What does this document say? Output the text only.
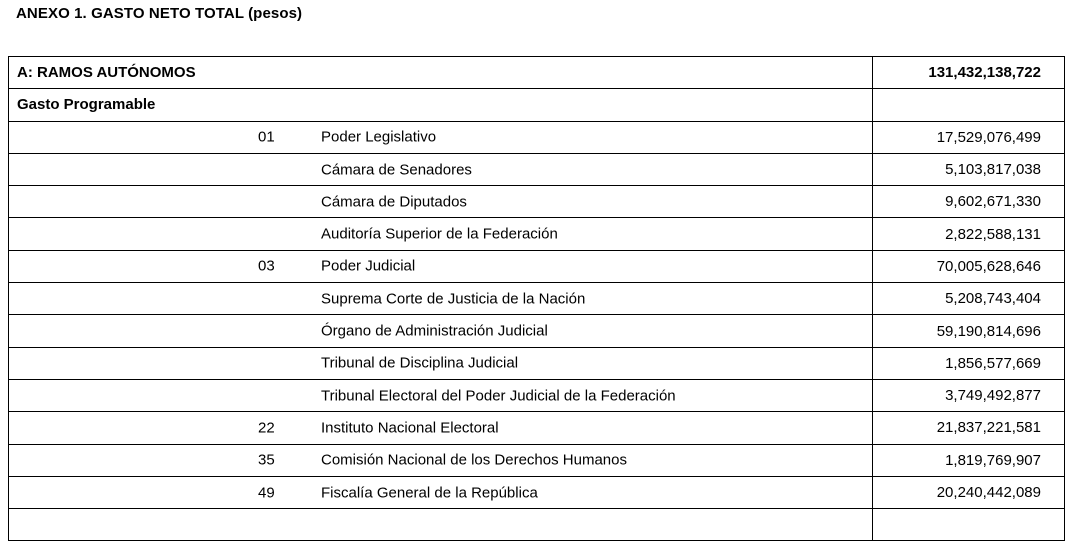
ANEXO 1. GASTO NETO TOTAL (pesos)
A: RAMOS AUTÓNOMOS	131,432,138,722
Gasto Programable	

01 Poder Legislativo	17,529,076,499

Cámara de Senadores	5,103,817,038

Cámara de Diputados	9,602,671,330

Auditoría Superior de la Federación	2,822,588,131

03 Poder Judicial	70,005,628,646

Suprema Corte de Justicia de la Nación	5,208,743,404

Órgano de Administración Judicial	59,190,814,696

Tribunal de Disciplina Judicial	1,856,577,669

Tribunal Electoral del Poder Judicial de la Federación	3,749,492,877

22 Instituto Nacional Electoral	21,837,221,581

35 Comisión Nacional de los Derechos Humanos	1,819,769,907

49 Fiscalía General de la República	20,240,442,089
